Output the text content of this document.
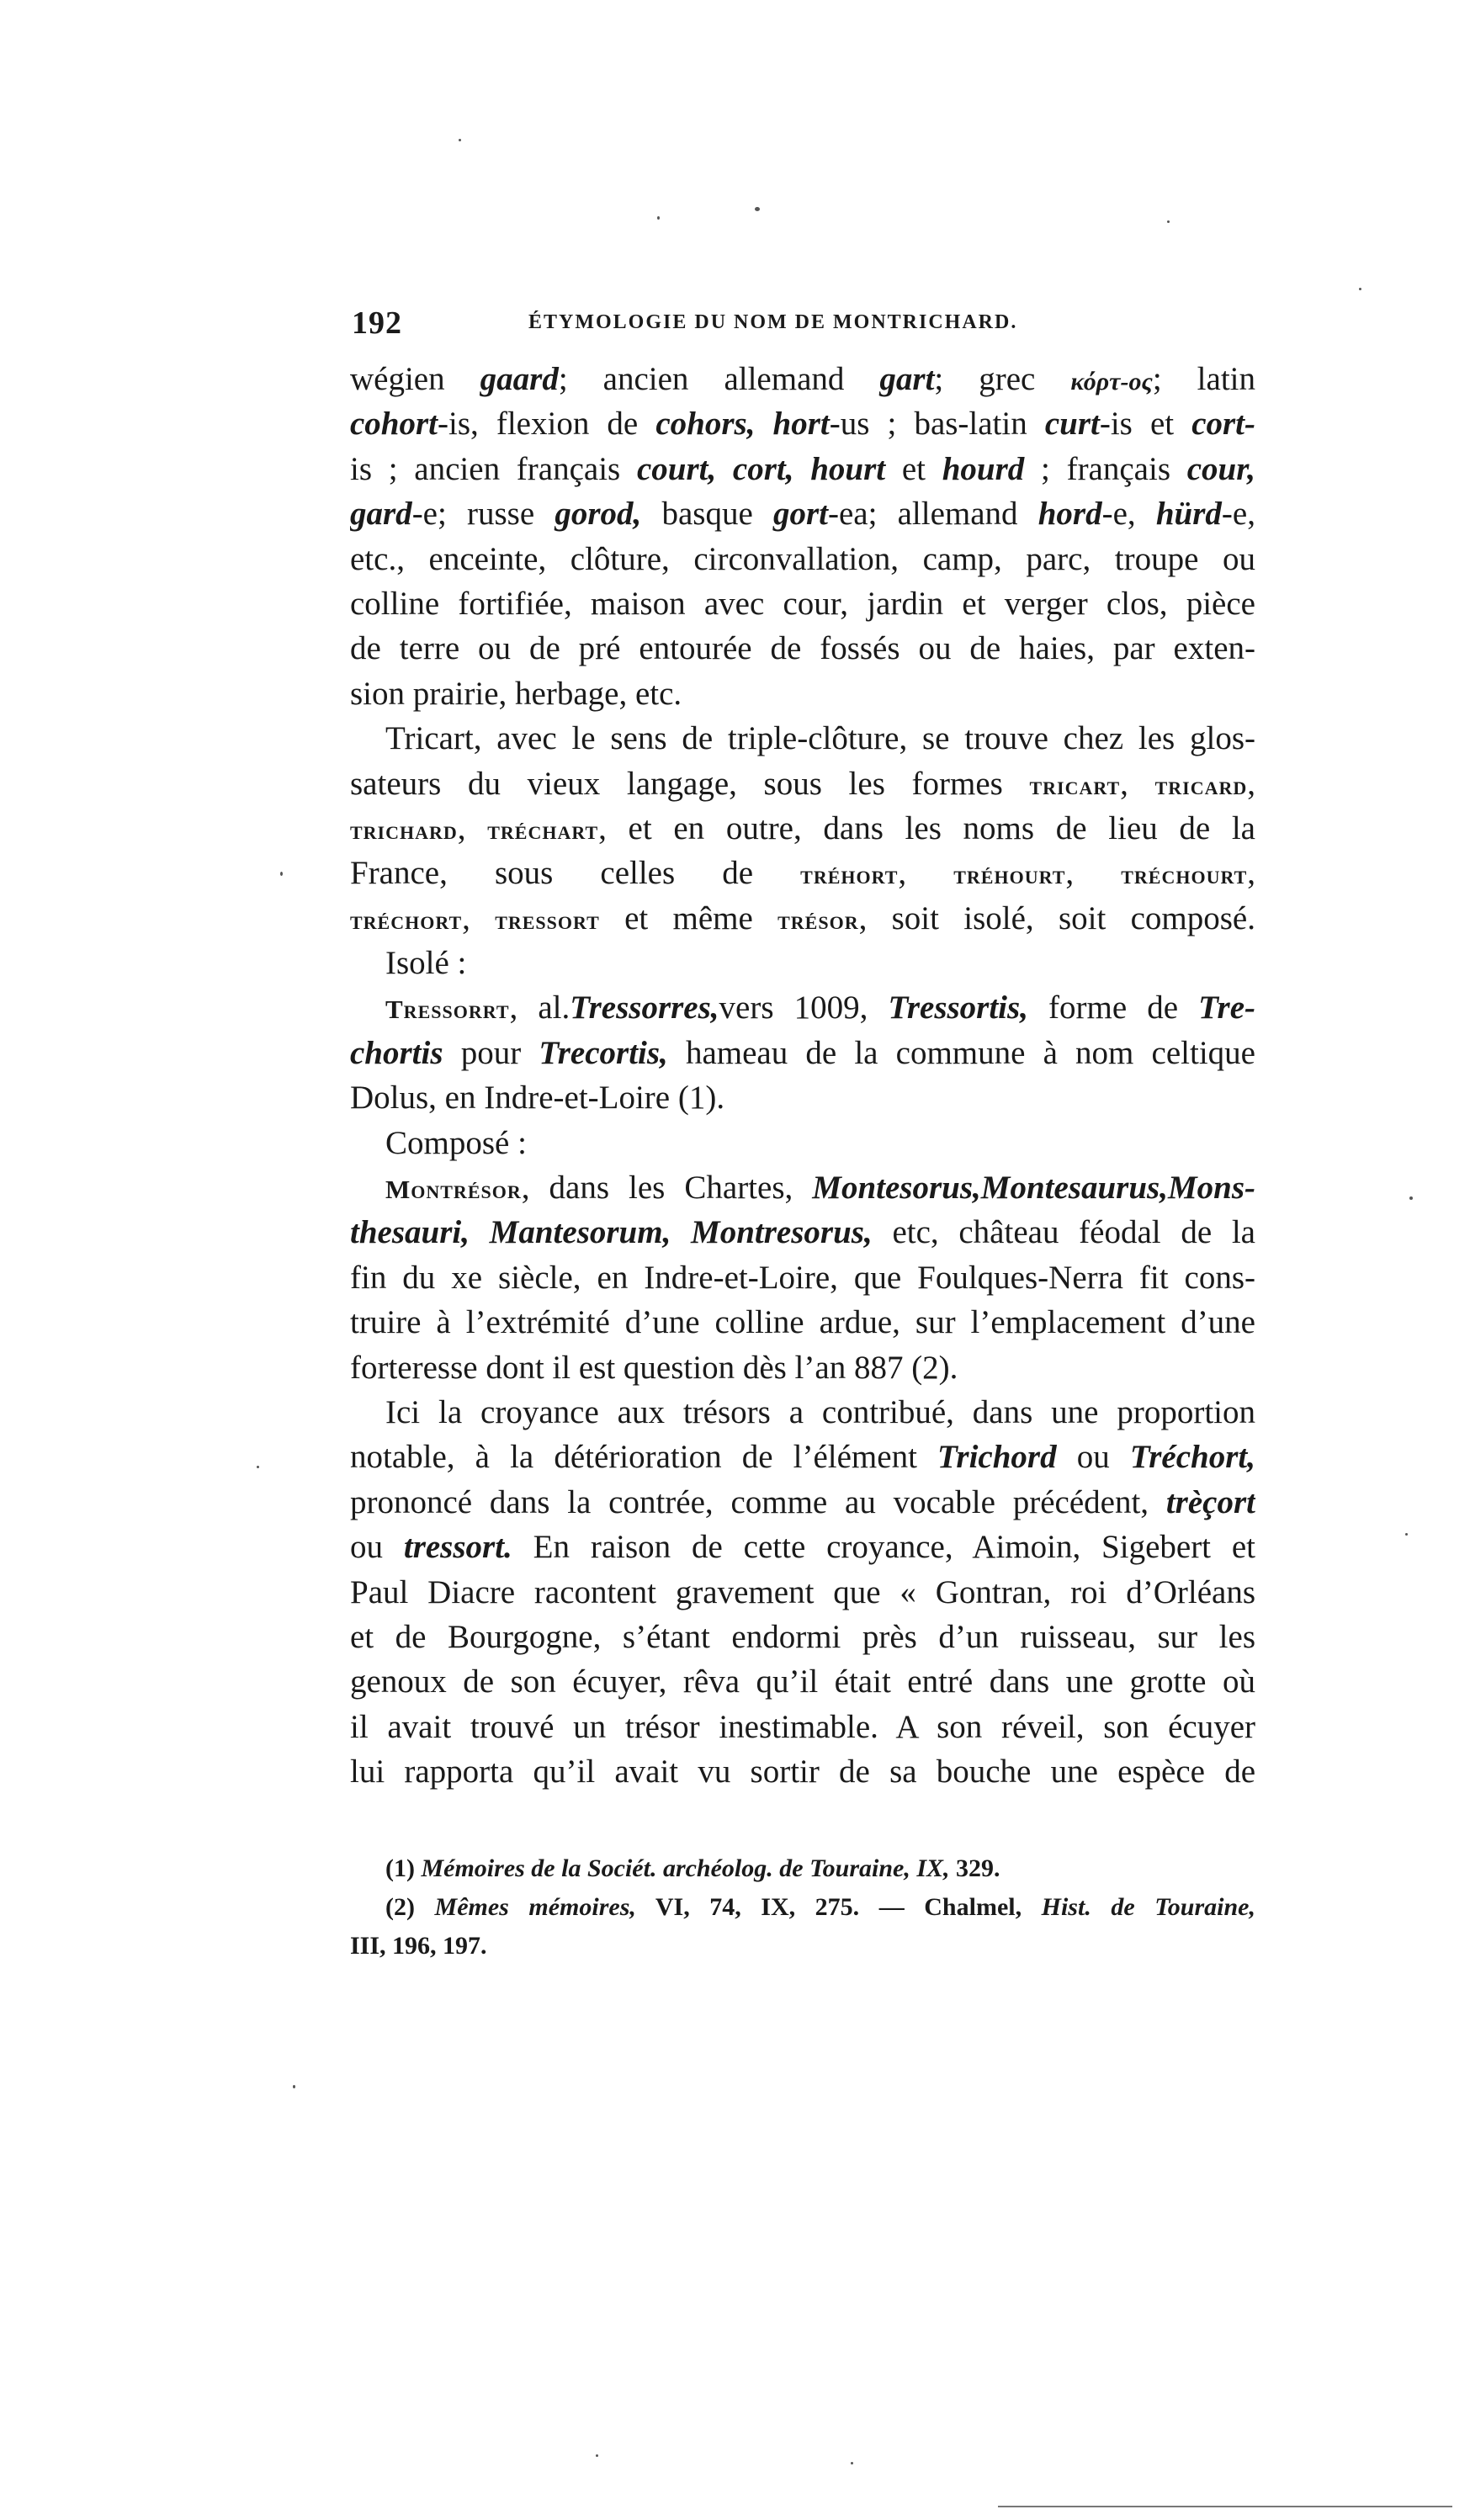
192	ÉTYMOLOGIE DU NOM DE MONTRICHARD.
wégien gaard; ancien allemand gart; grec κόρτ-ος; latin
cohort-is, flexion de cohors, hort-us ; bas-latin curt-is et cort-
is ; ancien français court, cort, hourt et hourd ; français cour,
gard-e; russe gorod, basque gort-ea; allemand hord-e, hürd-e,
etc., enceinte, clôture, circonvallation, camp, parc, troupe ou
colline fortifiée, maison avec cour, jardin et verger clos, pièce
de terre ou de pré entourée de fossés ou de haies, par exten-
sion prairie, herbage, etc.
Tricart, avec le sens de triple-clôture, se trouve chez les glos-
sateurs du vieux langage, sous les formes tricart, tricard,
trichard, tréchart, et en outre, dans les noms de lieu de la
France, sous celles de tréhort, tréhourt, tréchourt,
tréchort, tressort et même trésor, soit isolé, soit composé.
Isolé :
Tressorrt, al.Tressorres,vers 1009, Tressortis, forme de Tre-
chortis pour Trecortis, hameau de la commune à nom celtique
Dolus, en Indre-et-Loire (1).
Composé :
Montrésor, dans les Chartes, Montesorus,Montesaurus,Mons-
thesauri, Mantesorum, Montresorus, etc, château féodal de la
fin du xe siècle, en Indre-et-Loire, que Foulques-Nerra fit cons-
truire à l’extrémité d’une colline ardue, sur l’emplacement d’une
forteresse dont il est question dès l’an 887 (2).
Ici la croyance aux trésors a contribué, dans une proportion
notable, à la détérioration de l’élément Trichord ou Tréchort,
prononcé dans la contrée, comme au vocable précédent, trèçort
ou tressort. En raison de cette croyance, Aimoin, Sigebert et
Paul Diacre racontent gravement que « Gontran, roi d’Orléans
et de Bourgogne, s’étant endormi près d’un ruisseau, sur les
genoux de son écuyer, rêva qu’il était entré dans une grotte où
il avait trouvé un trésor inestimable. A son réveil, son écuyer
lui rapporta qu’il avait vu sortir de sa bouche une espèce de
(1) Mémoires de la Sociét. archéolog. de Touraine, IX, 329.
(2) Mêmes mémoires, VI, 74, IX, 275. — Chalmel, Hist. de Touraine,
III, 196, 197.
